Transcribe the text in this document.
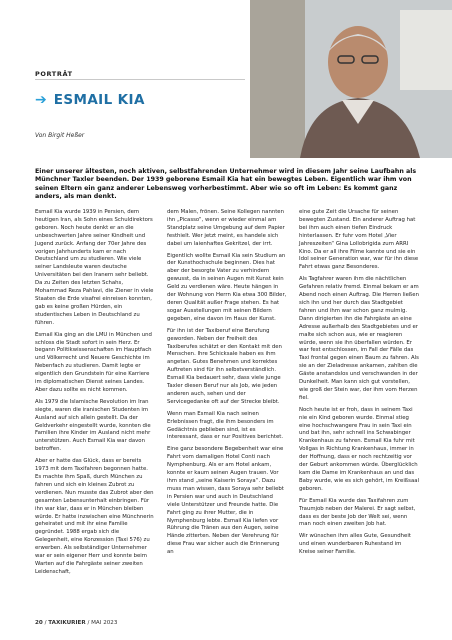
PORTRÄT
➔ ESMAIL KIA
Von Birgit Heßer
Einer unserer ältesten, noch aktiven, selbstfahrenden Unternehmer wird in diesem Jahr seine Laufbahn als Münchner Taxler beenden. Der 1939 geborene Esmail Kia hat ein bewegtes Leben. Eigentlich war ihm von seinen Eltern ein ganz anderer Lebensweg vorherbestimmt. Aber wie so oft im Leben: Es kommt ganz anders, als man denkt.

Esmail Kia wurde 1939 in Persien, dem heutigen Iran, als Sohn eines Schuldirektors geboren. Noch heute denkt er an die unbeschwerten Jahre seiner Kindheit und Jugend zurück. Anfang der 70er Jahre des vorigen Jahrhunderts kam er nach Deutschland um zu studieren. Wie viele seiner Landsleute waren deutsche Universitäten bei den Iranern sehr beliebt. Da zu Zeiten des letzten Schahs, Mohammad Reza Pahlavi, die Ziener in viele Staaten die Erde visafrei einreisen konnten, gab es keine großen Hürden, ein studentisches Leben in Deutschland zu führen.

Esmail Kia ging an die LMU in München und schloss die Stadt sofort in sein Herz. Er begann Politikwissenschaften im Hauptfach und Völkerrecht und Neuere Geschichte im Nebenfach zu studieren. Damit legte er eigentlich den Grundstein für eine Karriere im diplomatischen Dienst seines Landes. Aber dazu sollte es nicht kommen.

Als 1979 die Islamische Revolution im Iran siegte, waren die iranischen Studenten im Ausland auf sich allein gestellt. Da der Geldverkehr eingestellt wurde, konnten die Familien ihre Kinder im Ausland nicht mehr unterstützen. Auch Esmail Kia war davon betroffen.

Aber er hatte das Glück, dass er bereits 1973 mit dem Taxifahren begonnen hatte. Es machte ihm Spaß, durch München zu fahren und sich ein kleines Zubrot zu verdienen. Nun musste das Zubrot aber den gesamten Lebensunterhalt einbringen. Für ihn war klar, dass er in München bleiben würde. Er hatte inzwischen eine Münchnerin geheiratet und mit ihr eine Familie gegründet. 1988 ergab sich die Gelegenheit, eine Konzession (Taxi 576) zu erwerben. Als selbständiger Unternehmer war er sein eigener Herr und konnte beim Warten auf die Fahrgäste seiner zweiten Leidenschaft,

dem Malen, frönen. Seine Kollegen nannten ihn „Picasso“, wenn er wieder einmal am Standplatz seine Umgebung auf dem Papier festhielt. Wer jetzt meint, es handele sich dabei um laienhaftes Gekritzel, der irrt.

Eigentlich wollte Esmail Kia sein Studium an der Kunsthochschule beginnen. Dies hat aber der besorgte Vater zu verhindern gewusst, da in seinen Augen mit Kunst kein Geld zu verdienen wäre. Heute hängen in der Wohnung von Herrn Kia etwa 300 Bilder, deren Qualität außer Frage stehen. Es hat sogar Ausstellungen mit seinen Bildern gegeben, eine davon im Haus der Kunst.

Für ihn ist der Taxiberuf eine Berufung geworden. Neben der Freiheit des Taxiberufes schätzt er den Kontakt mit den Menschen. Ihre Schicksale haben es ihm angetan. Gutes Benehmen und korrektes Auftreten sind für ihn selbstverständlich. Esmail Kia bedauert sehr, dass viele junge Taxler diesen Beruf nur als Job, wie jeden anderen auch, sehen und der Servicegedanke oft auf der Strecke bleibt.

Wenn man Esmail Kia nach seinen Erlebnissen fragt, die ihm besonders im Gedächtnis geblieben sind, ist es interessant, dass er nur Positives berichtet.

Eine ganz besondere Begebenheit war eine Fahrt vom damaligen Hotel Conti nach Nymphenburg. Als er am Hotel ankam, konnte er kaum seinen Augen trauen. Vor ihm stand „seine Kaiserin Soraya“. Dazu muss man wissen, dass Soraya sehr beliebt in Persien war und auch in Deutschland viele Unterstützer und Freunde hatte. Die Fahrt ging zu ihrer Mutter, die in Nymphenburg lebte. Esmail Kia liefen vor Rührung die Tränen aus den Augen, seine Hände zitterten. Neben der Verehrung für diese Frau war sicher auch die Erinnerung an

eine gute Zeit die Ursache für seinen bewegten Zustand. Ein anderer Auftrag hat bei ihm auch einen tiefen Eindruck hinterlassen. Er fuhr vom Hotel „Vier Jahreszeiten“ Gina Lollobrigida zum ARRI Kino. Da er all ihre Filme kannte und sie ein Idol seiner Generation war, war für ihn diese Fahrt etwas ganz Besonderes.

Als Tagfahrer waren ihm die nächtlichen Gefahren relativ fremd. Einmal bekam er am Abend noch einen Auftrag. Die Herren ließen sich ihn und her durch das Stadtgebiet fahren und ihm war schon ganz mulmig. Dann dirigierten ihn die Fahrgäste an eine Adresse außerhalb des Stadtgebietes und er malte sich schon aus, wie er reagieren würde, wenn sie ihn überfallen würden. Er war fest entschlossen, im Fall der Fälle das Taxi frontal gegen einen Baum zu fahren. Als sie an der Zieladresse ankamen, zahlten die Gäste anstandslos und verschwanden in der Dunkelheit. Man kann sich gut vorstellen, wie groß der Stein war, der ihm vom Herzen fiel.

Noch heute ist er froh, dass in seinem Taxi nie ein Kind geboren wurde. Einmal stieg eine hochschwangere Frau in sein Taxi ein und bat ihn, sehr schnell ins Schwabinger Krankenhaus zu fahren. Esmail Kia fuhr mit Vollgas in Richtung Krankenhaus, immer in der Hoffnung, dass er noch rechtzeitig vor der Geburt ankommen würde. Überglücklich kam die Dame im Krankenhaus an und das Baby wurde, wie es sich gehört, im Kreißsaal geboren.

Für Esmail Kia wurde das Taxifahren zum Traumjob neben der Malerei. Er sagt selbst, dass es der beste Job der Welt sei, wenn man noch einen zweiten Job hat.

Wir wünschen ihm alles Gute, Gesundheit und einen wunderbaren Ruhestand im Kreise seiner Familie.

20 / TAXIKURIER / MAI 2023
